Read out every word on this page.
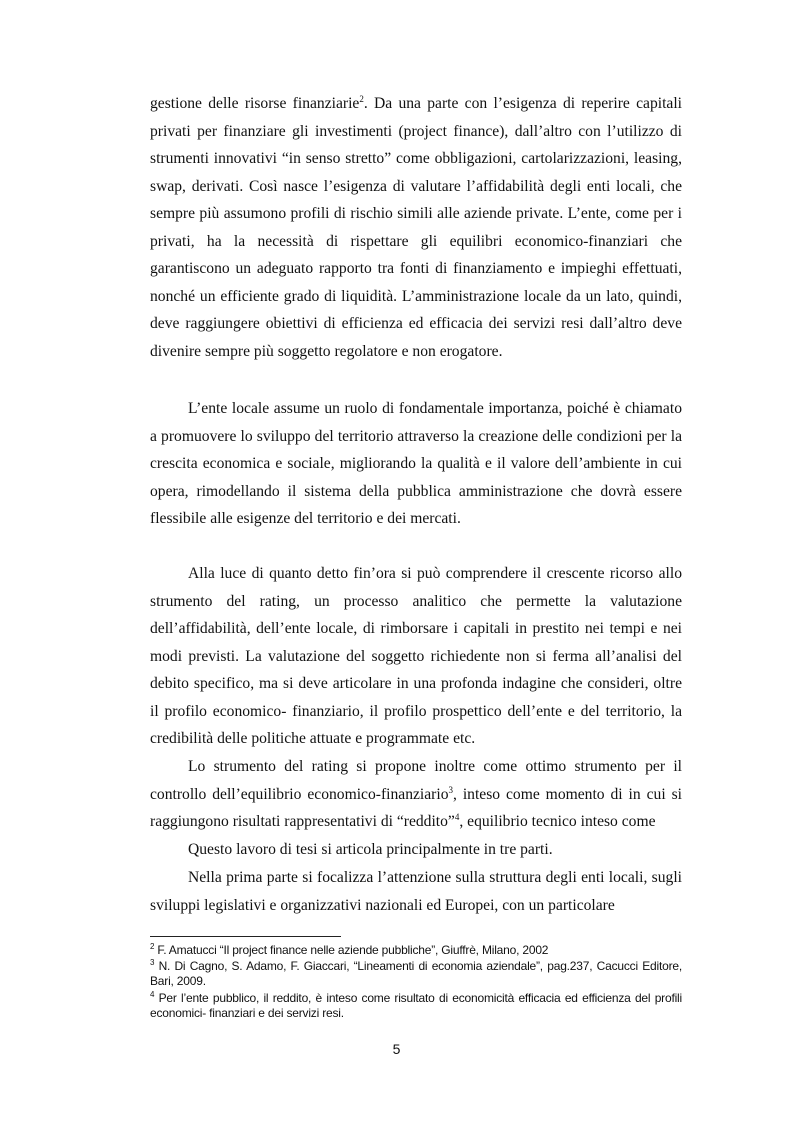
gestione delle risorse finanziarie$^2$. Da una parte con l’esigenza di reperire capitali privati per finanziare gli investimenti (project finance), dall’altro con l’utilizzo di strumenti innovativi “in senso stretto” come obbligazioni, cartolarizzazioni, leasing, swap, derivati. Così nasce l’esigenza di valutare l’affidabilità degli enti locali, che sempre più assumono profili di rischio simili alle aziende private. L’ente, come per i privati, ha la necessità di rispettare gli equilibri economico-finanziari che garantiscono un adeguato rapporto tra fonti di finanziamento e impieghi effettuati, nonché un efficiente grado di liquidità. L’amministrazione locale da un lato, quindi, deve raggiungere obiettivi di efficienza ed efficacia dei servizi resi dall’altro deve divenire sempre più soggetto regolatore e non erogatore.

L’ente locale assume un ruolo di fondamentale importanza, poiché è chiamato a promuovere lo sviluppo del territorio attraverso la creazione delle condizioni per la crescita economica e sociale, migliorando la qualità e il valore dell’ambiente in cui opera, rimodellando il sistema della pubblica amministrazione che dovrà essere flessibile alle esigenze del territorio e dei mercati.

Alla luce di quanto detto fin’ora si può comprendere il crescente ricorso allo strumento del rating, un processo analitico che permette la valutazione dell’affidabilità, dell’ente locale, di rimborsare i capitali in prestito nei tempi e nei modi previsti. La valutazione del soggetto richiedente non si ferma all’analisi del debito specifico, ma si deve articolare in una profonda indagine che consideri, oltre il profilo economico- finanziario, il profilo prospettico dell’ente e del territorio, la credibilità delle politiche attuate e programmate etc.

Lo strumento del rating si propone inoltre come ottimo strumento per il controllo dell’equilibrio economico-finanziario$^3$, inteso come momento di in cui si raggiungono risultati rappresentativi di “reddito”$^4$, equilibrio tecnico inteso come

Questo lavoro di tesi si articola principalmente in tre parti.

Nella prima parte si focalizza l’attenzione sulla struttura degli enti locali, sugli sviluppi legislativi e organizzativi nazionali ed Europei, con un particolare

$^2$ F. Amatucci “Il project finance nelle aziende pubbliche”, Giuffrè, Milano, 2002

$^3$ N. Di Cagno, S. Adamo, F. Giaccari, “Lineamenti di economia aziendale”, pag.237, Cacucci Editore, Bari, 2009.

$^4$ Per l’ente pubblico, il reddito, è inteso come risultato di economicità efficacia ed efficienza del profili economici- finanziari e dei servizi resi.

5
